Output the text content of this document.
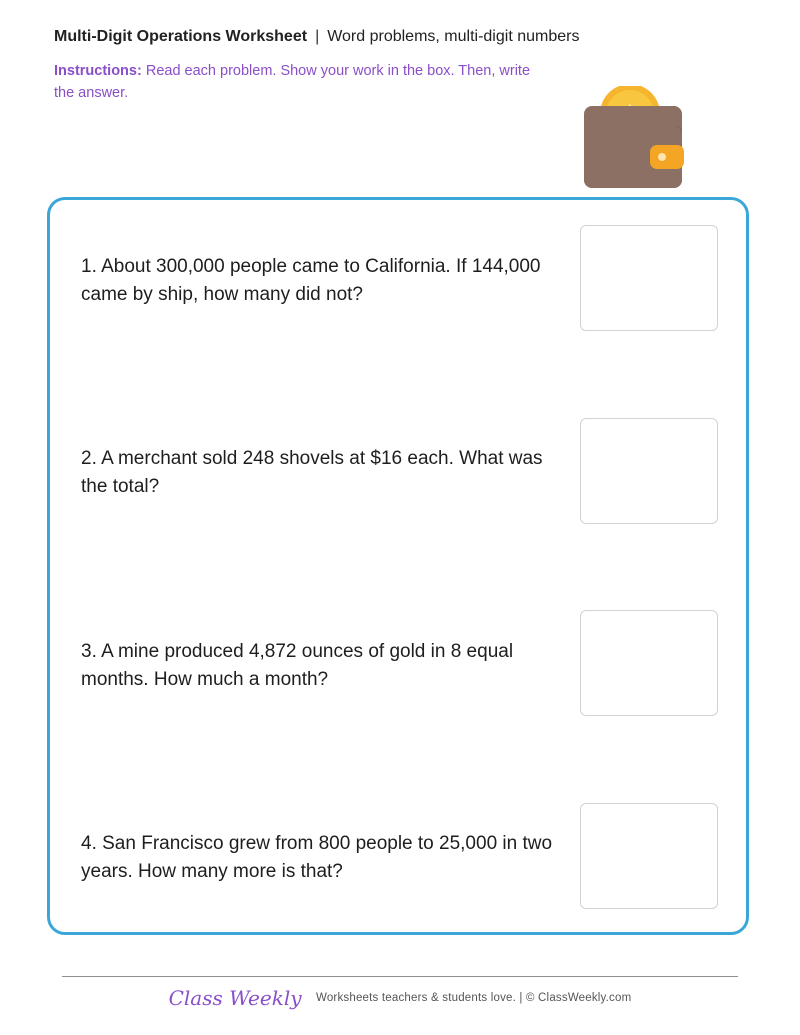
Multi-Digit Operations Worksheet | Word problems, multi-digit numbers
Instructions: Read each problem. Show your work in the box. Then, write the answer.
1. About 300,000 people came to California. If 144,000 came by ship, how many did not?
2. A merchant sold 248 shovels at $16 each. What was the total?
3. A mine produced 4,872 ounces of gold in 8 equal months. How much a month?
4. San Francisco grew from 800 people to 25,000 in two years. How many more is that?
Class Weekly Worksheets teachers & students love. | © ClassWeekly.com
